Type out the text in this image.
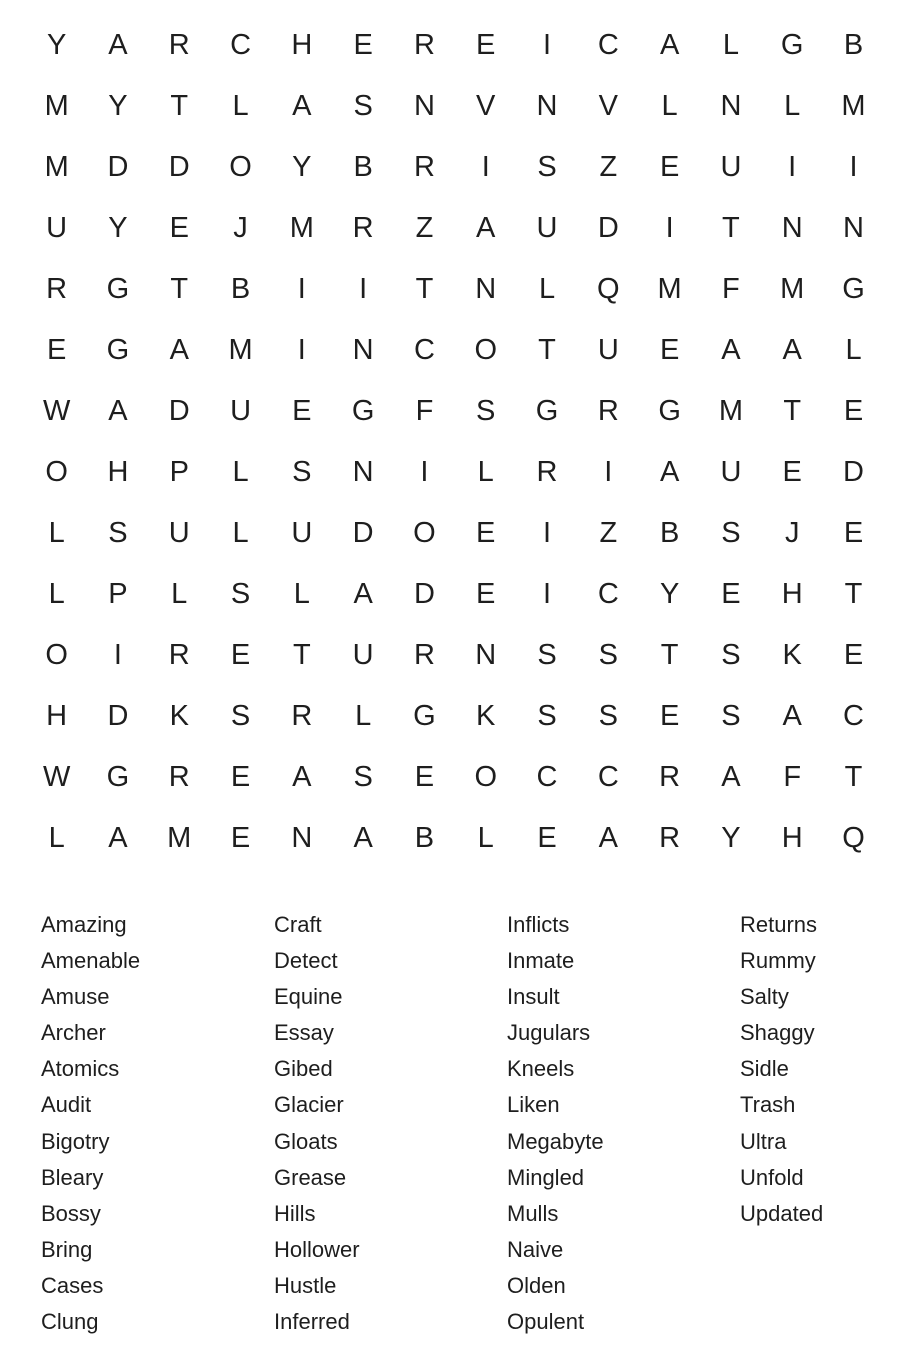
Y	A	R	C	H	E	R	E	I	C	A	L	G	B
M	Y	T	L	A	S	N	V	N	V	L	N	L	M
M	D	D	O	Y	B	R	I	S	Z	E	U	I	I
U	Y	E	J	M	R	Z	A	U	D	I	T	N	N
R	G	T	B	I	I	T	N	L	Q	M	F	M	G
E	G	A	M	I	N	C	O	T	U	E	A	A	L
W	A	D	U	E	G	F	S	G	R	G	M	T	E
O	H	P	L	S	N	I	L	R	I	A	U	E	D
L	S	U	L	U	D	O	E	I	Z	B	S	J	E
L	P	L	S	L	A	D	E	I	C	Y	E	H	T
O	I	R	E	T	U	R	N	S	S	T	S	K	E
H	D	K	S	R	L	G	K	S	S	E	S	A	C
W	G	R	E	A	S	E	O	C	C	R	A	F	T
L	A	M	E	N	A	B	L	E	A	R	Y	H	Q
Amazing
Amenable
Amuse
Archer
Atomics
Audit
Bigotry
Bleary
Bossy
Bring
Cases
Clung
Craft
Detect
Equine
Essay
Gibed
Glacier
Gloats
Grease
Hills
Hollower
Hustle
Inferred
Inflicts
Inmate
Insult
Jugulars
Kneels
Liken
Megabyte
Mingled
Mulls
Naive
Olden
Opulent
Returns
Rummy
Salty
Shaggy
Sidle
Trash
Ultra
Unfold
Updated
